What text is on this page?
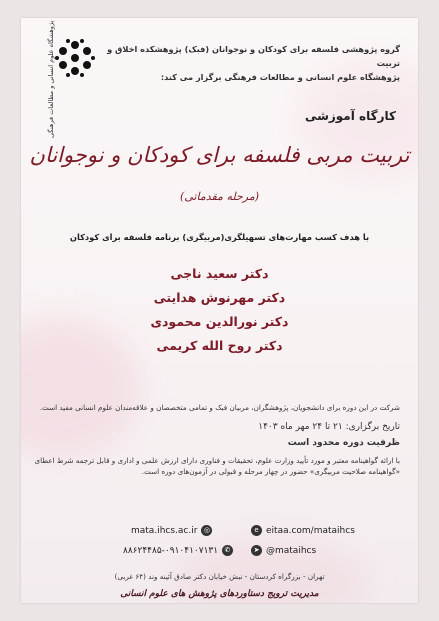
پژوهشگاه علوم انسانی و مطالعات فرهنگی	گروه پژوهشی فلسفه برای کودکان و نوجوانان (فبک) پژوهشکده اخلاق و تربیت
پژوهشگاه علوم انسانی و مطالعات فرهنگی برگزار می کند:
کارگاه آموزشی
تربیت مربی فلسفه برای کودکان و نوجوانان
(مرحله مقدماتی)
با هدف کسب مهارت‌های تسهیلگری(مربیگری) برنامه فلسفه برای کودکان
دکتر سعید ناجی
دکتر مهرنوش هدایتی
دکتر نورالدین محمودی
دکتر روح الله کریمی
شرکت در این دوره برای دانشجویان، پژوهشگران، مربیان فبک و تمامی متخصصان و علاقه‌مندان علوم انسانی مفید است.
تاریخ برگزاری: ۲۱ تا ۲۴ مهر ماه ۱۴۰۳
ظرفیت دوره محدود است
با ارائه گواهینامه معتبر و مورد تأیید وزارت علوم، تحقیقات و فناوری دارای ارزش علمی و اداری و قابل ترجمه شرط اعطای «گواهینامه صلاحیت مربیگری» حضور در چهار مرحله و قبولی در آزمون‌های دوره است.
mata.ihcs.ac.ir ◎	e eitaa.com/mataihcs
۸۸۶۲۴۴۸۵-۰۹۱۰۴۱۰۷۱۳۱ ✆	➤ @mataihcs
تهران - بزرگراه کردستان - نبش خیابان دکتر صادق آئینه وند (۶۴ غربی)
مدیریت ترویج دستاوردهای پژوهش های علوم انسانی
